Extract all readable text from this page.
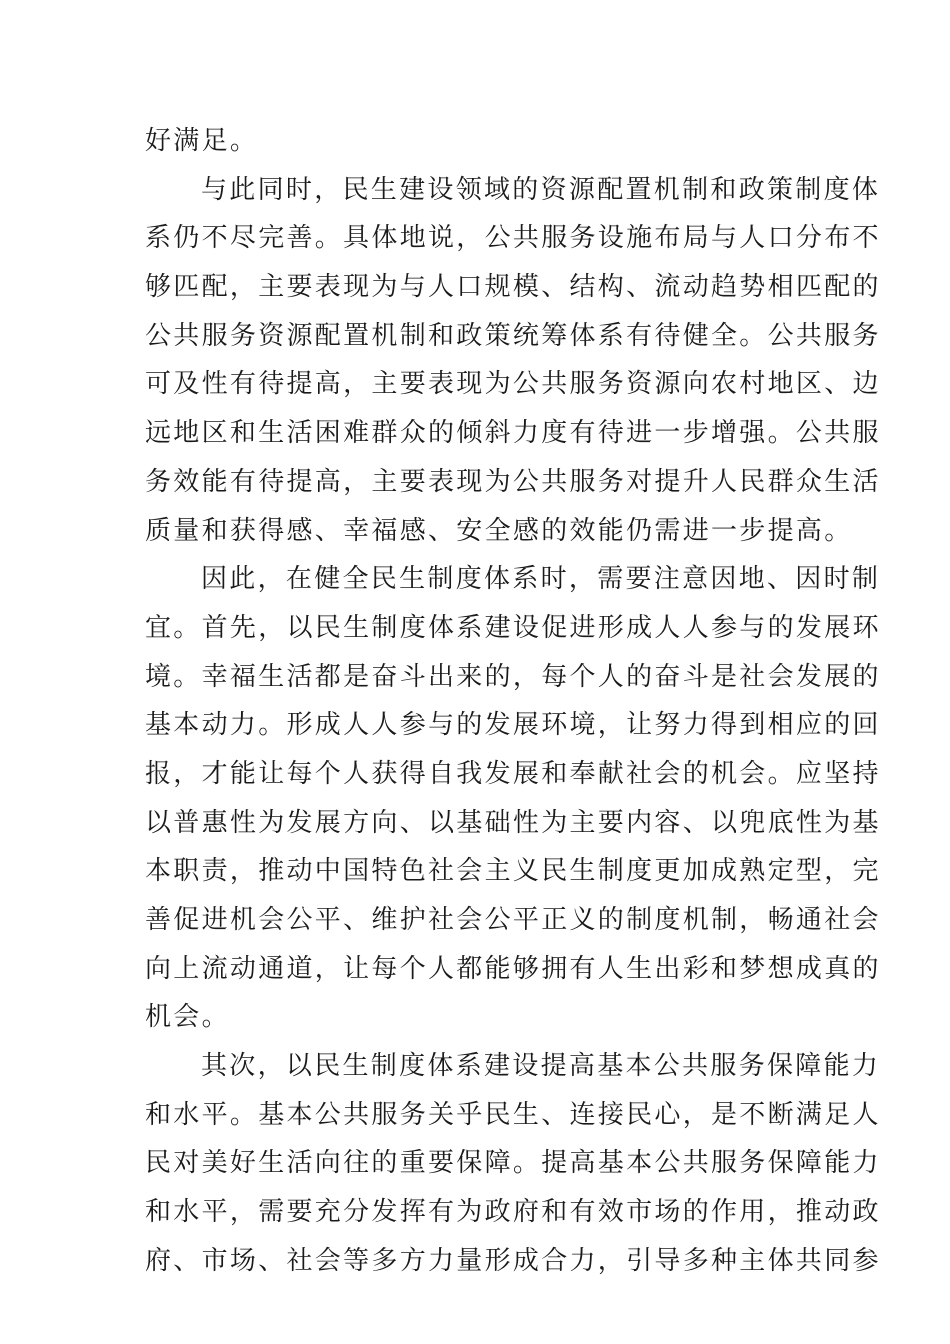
好满足。
与此同时，民生建设领域的资源配置机制和政策制度体
系仍不尽完善。具体地说，公共服务设施布局与人口分布不
够匹配，主要表现为与人口规模、结构、流动趋势相匹配的
公共服务资源配置机制和政策统筹体系有待健全。公共服务
可及性有待提高，主要表现为公共服务资源向农村地区、边
远地区和生活困难群众的倾斜力度有待进一步增强。公共服
务效能有待提高，主要表现为公共服务对提升人民群众生活
质量和获得感、幸福感、安全感的效能仍需进一步提高。
因此，在健全民生制度体系时，需要注意因地、因时制
宜。首先，以民生制度体系建设促进形成人人参与的发展环
境。幸福生活都是奋斗出来的，每个人的奋斗是社会发展的
基本动力。形成人人参与的发展环境，让努力得到相应的回
报，才能让每个人获得自我发展和奉献社会的机会。应坚持
以普惠性为发展方向、以基础性为主要内容、以兜底性为基
本职责，推动中国特色社会主义民生制度更加成熟定型，完
善促进机会公平、维护社会公平正义的制度机制，畅通社会
向上流动通道，让每个人都能够拥有人生出彩和梦想成真的
机会。
其次，以民生制度体系建设提高基本公共服务保障能力
和水平。基本公共服务关乎民生、连接民心，是不断满足人
民对美好生活向往的重要保障。提高基本公共服务保障能力
和水平，需要充分发挥有为政府和有效市场的作用，推动政
府、市场、社会等多方力量形成合力，引导多种主体共同参
